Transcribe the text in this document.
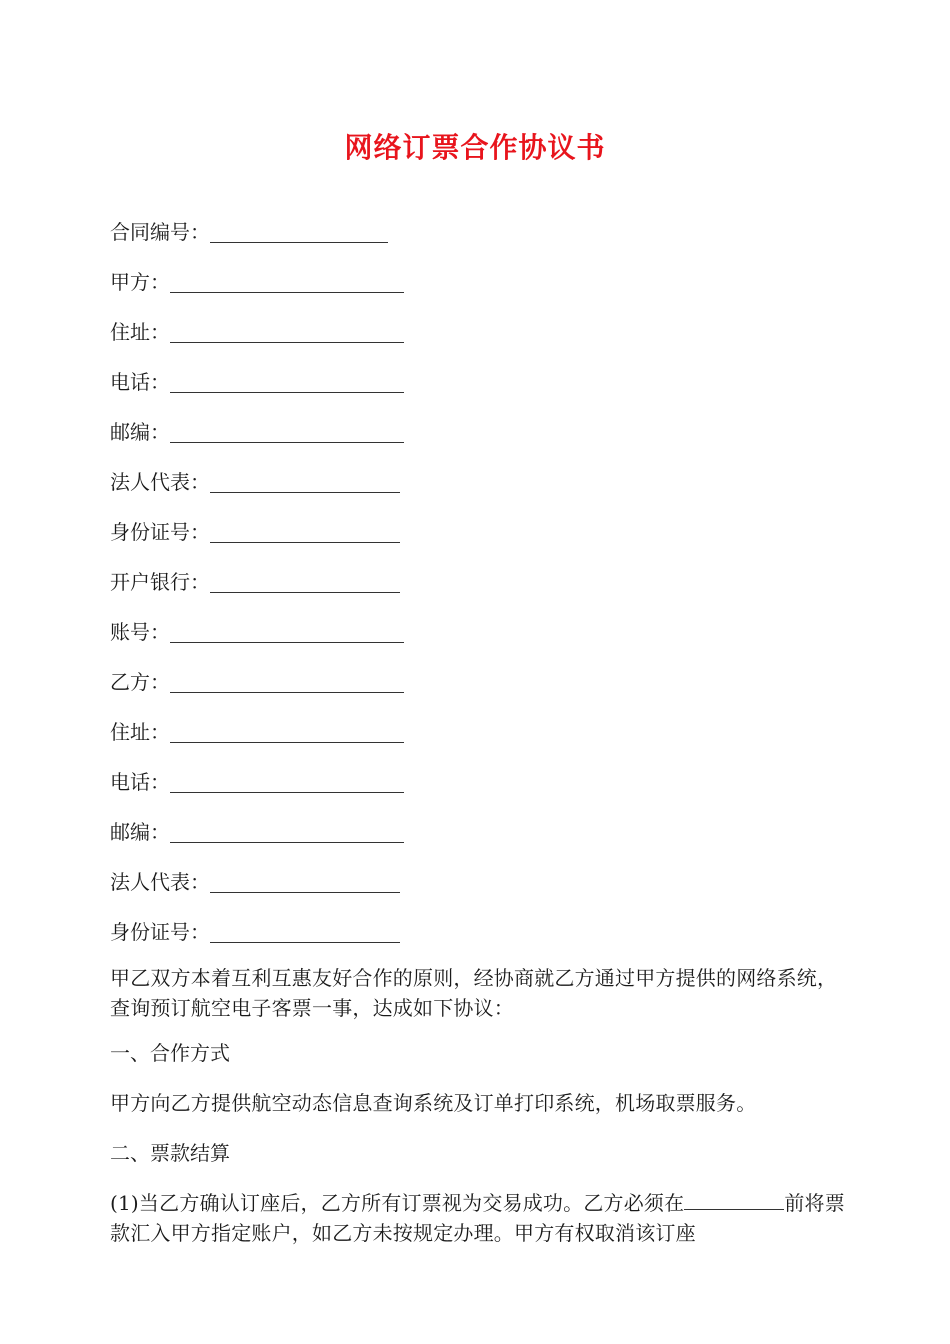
网络订票合作协议书
合同编号：
甲方：
住址：
电话：
邮编：
法人代表：
身份证号：
开户银行：
账号：
乙方：
住址：
电话：
邮编：
法人代表：
身份证号：
甲乙双方本着互利互惠友好合作的原则，经协商就乙方通过甲方提供的网络系统，查询预订航空电子客票一事，达成如下协议：
一、合作方式
甲方向乙方提供航空动态信息查询系统及订单打印系统，机场取票服务。
二、票款结算
(1)当乙方确认订座后，乙方所有订票视为交易成功。乙方必须在	前将票款汇入甲方指定账户，如乙方未按规定办理。甲方有权取消该订座
